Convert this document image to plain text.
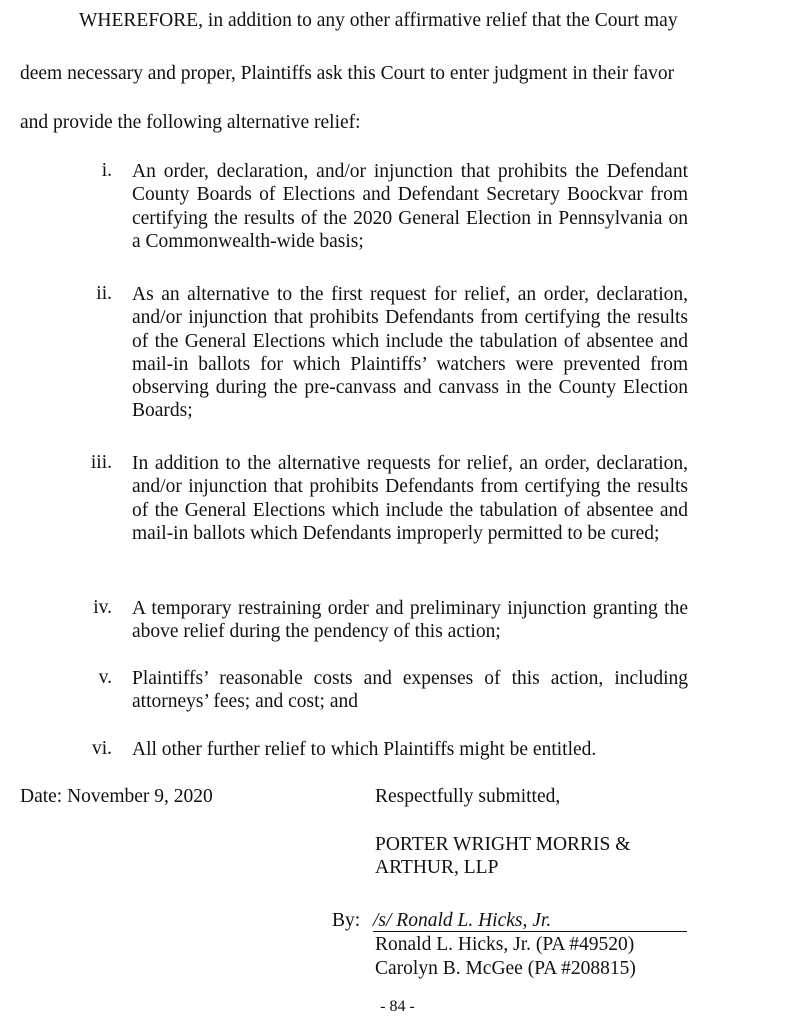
WHEREFORE, in addition to any other affirmative relief that the Court may
deem necessary and proper, Plaintiffs ask this Court to enter judgment in their favor
and provide the following alternative relief:
i. An order, declaration, and/or injunction that prohibits the Defendant County Boards of Elections and Defendant Secretary Boockvar from certifying the results of the 2020 General Election in Pennsylvania on a Commonwealth-wide basis;

ii. As an alternative to the first request for relief, an order, declaration, and/or injunction that prohibits Defendants from certifying the results of the General Elections which include the tabulation of absentee and mail-in ballots for which Plaintiffs’ watchers were prevented from observing during the pre-canvass and canvass in the County Election Boards;

iii. In addition to the alternative requests for relief, an order, declaration, and/or injunction that prohibits Defendants from certifying the results of the General Elections which include the tabulation of absentee and mail-in ballots which Defendants improperly permitted to be cured;

iv. A temporary restraining order and preliminary injunction granting the above relief during the pendency of this action;

v. Plaintiffs’ reasonable costs and expenses of this action, including attorneys’ fees; and cost; and

vi. All other further relief to which Plaintiffs might be entitled.

Date: November 9, 2020	Respectfully submitted,
PORTER WRIGHT MORRIS &
ARTHUR, LLP
By: /s/ Ronald L. Hicks, Jr.
Ronald L. Hicks, Jr. (PA #49520)
Carolyn B. McGee (PA #208815)
- 84 -
